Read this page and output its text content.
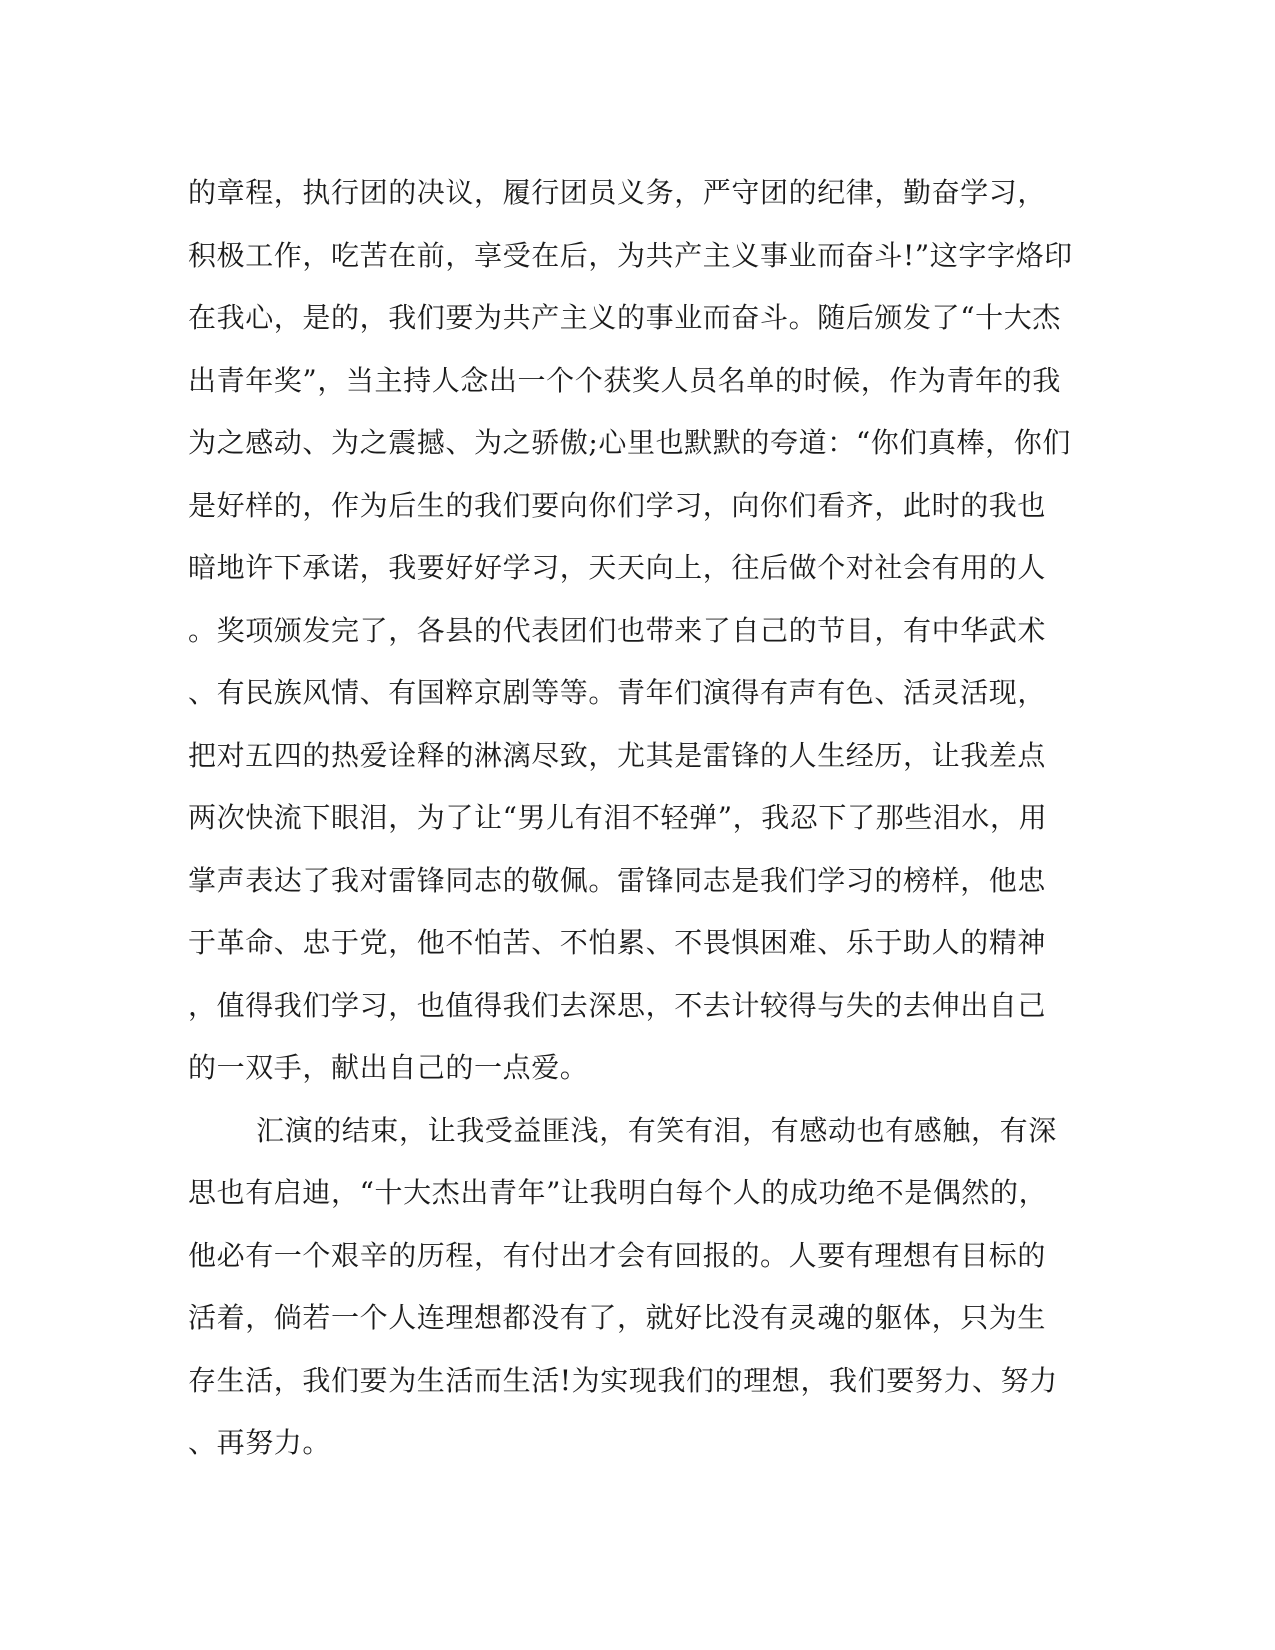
的章程，执行团的决议，履行团员义务，严守团的纪律，勤奋学习，
积极工作，吃苦在前，享受在后，为共产主义事业而奋斗!”这字字烙印
在我心，是的，我们要为共产主义的事业而奋斗。随后颁发了“十大杰
出青年奖”，当主持人念出一个个获奖人员名单的时候，作为青年的我
为之感动、为之震撼、为之骄傲;心里也默默的夸道：“你们真棒，你们
是好样的，作为后生的我们要向你们学习，向你们看齐，此时的我也
暗地许下承诺，我要好好学习，天天向上，往后做个对社会有用的人
。奖项颁发完了，各县的代表团们也带来了自己的节目，有中华武术
、有民族风情、有国粹京剧等等。青年们演得有声有色、活灵活现，
把对五四的热爱诠释的淋漓尽致，尤其是雷锋的人生经历，让我差点
两次快流下眼泪，为了让“男儿有泪不轻弹”，我忍下了那些泪水，用
掌声表达了我对雷锋同志的敬佩。雷锋同志是我们学习的榜样，他忠
于革命、忠于党，他不怕苦、不怕累、不畏惧困难、乐于助人的精神
，值得我们学习，也值得我们去深思，不去计较得与失的去伸出自己
的一双手，献出自己的一点爱。
汇演的结束，让我受益匪浅，有笑有泪，有感动也有感触，有深
思也有启迪，“十大杰出青年”让我明白每个人的成功绝不是偶然的，
他必有一个艰辛的历程，有付出才会有回报的。人要有理想有目标的
活着，倘若一个人连理想都没有了，就好比没有灵魂的躯体，只为生
存生活，我们要为生活而生活!为实现我们的理想，我们要努力、努力
、再努力。
